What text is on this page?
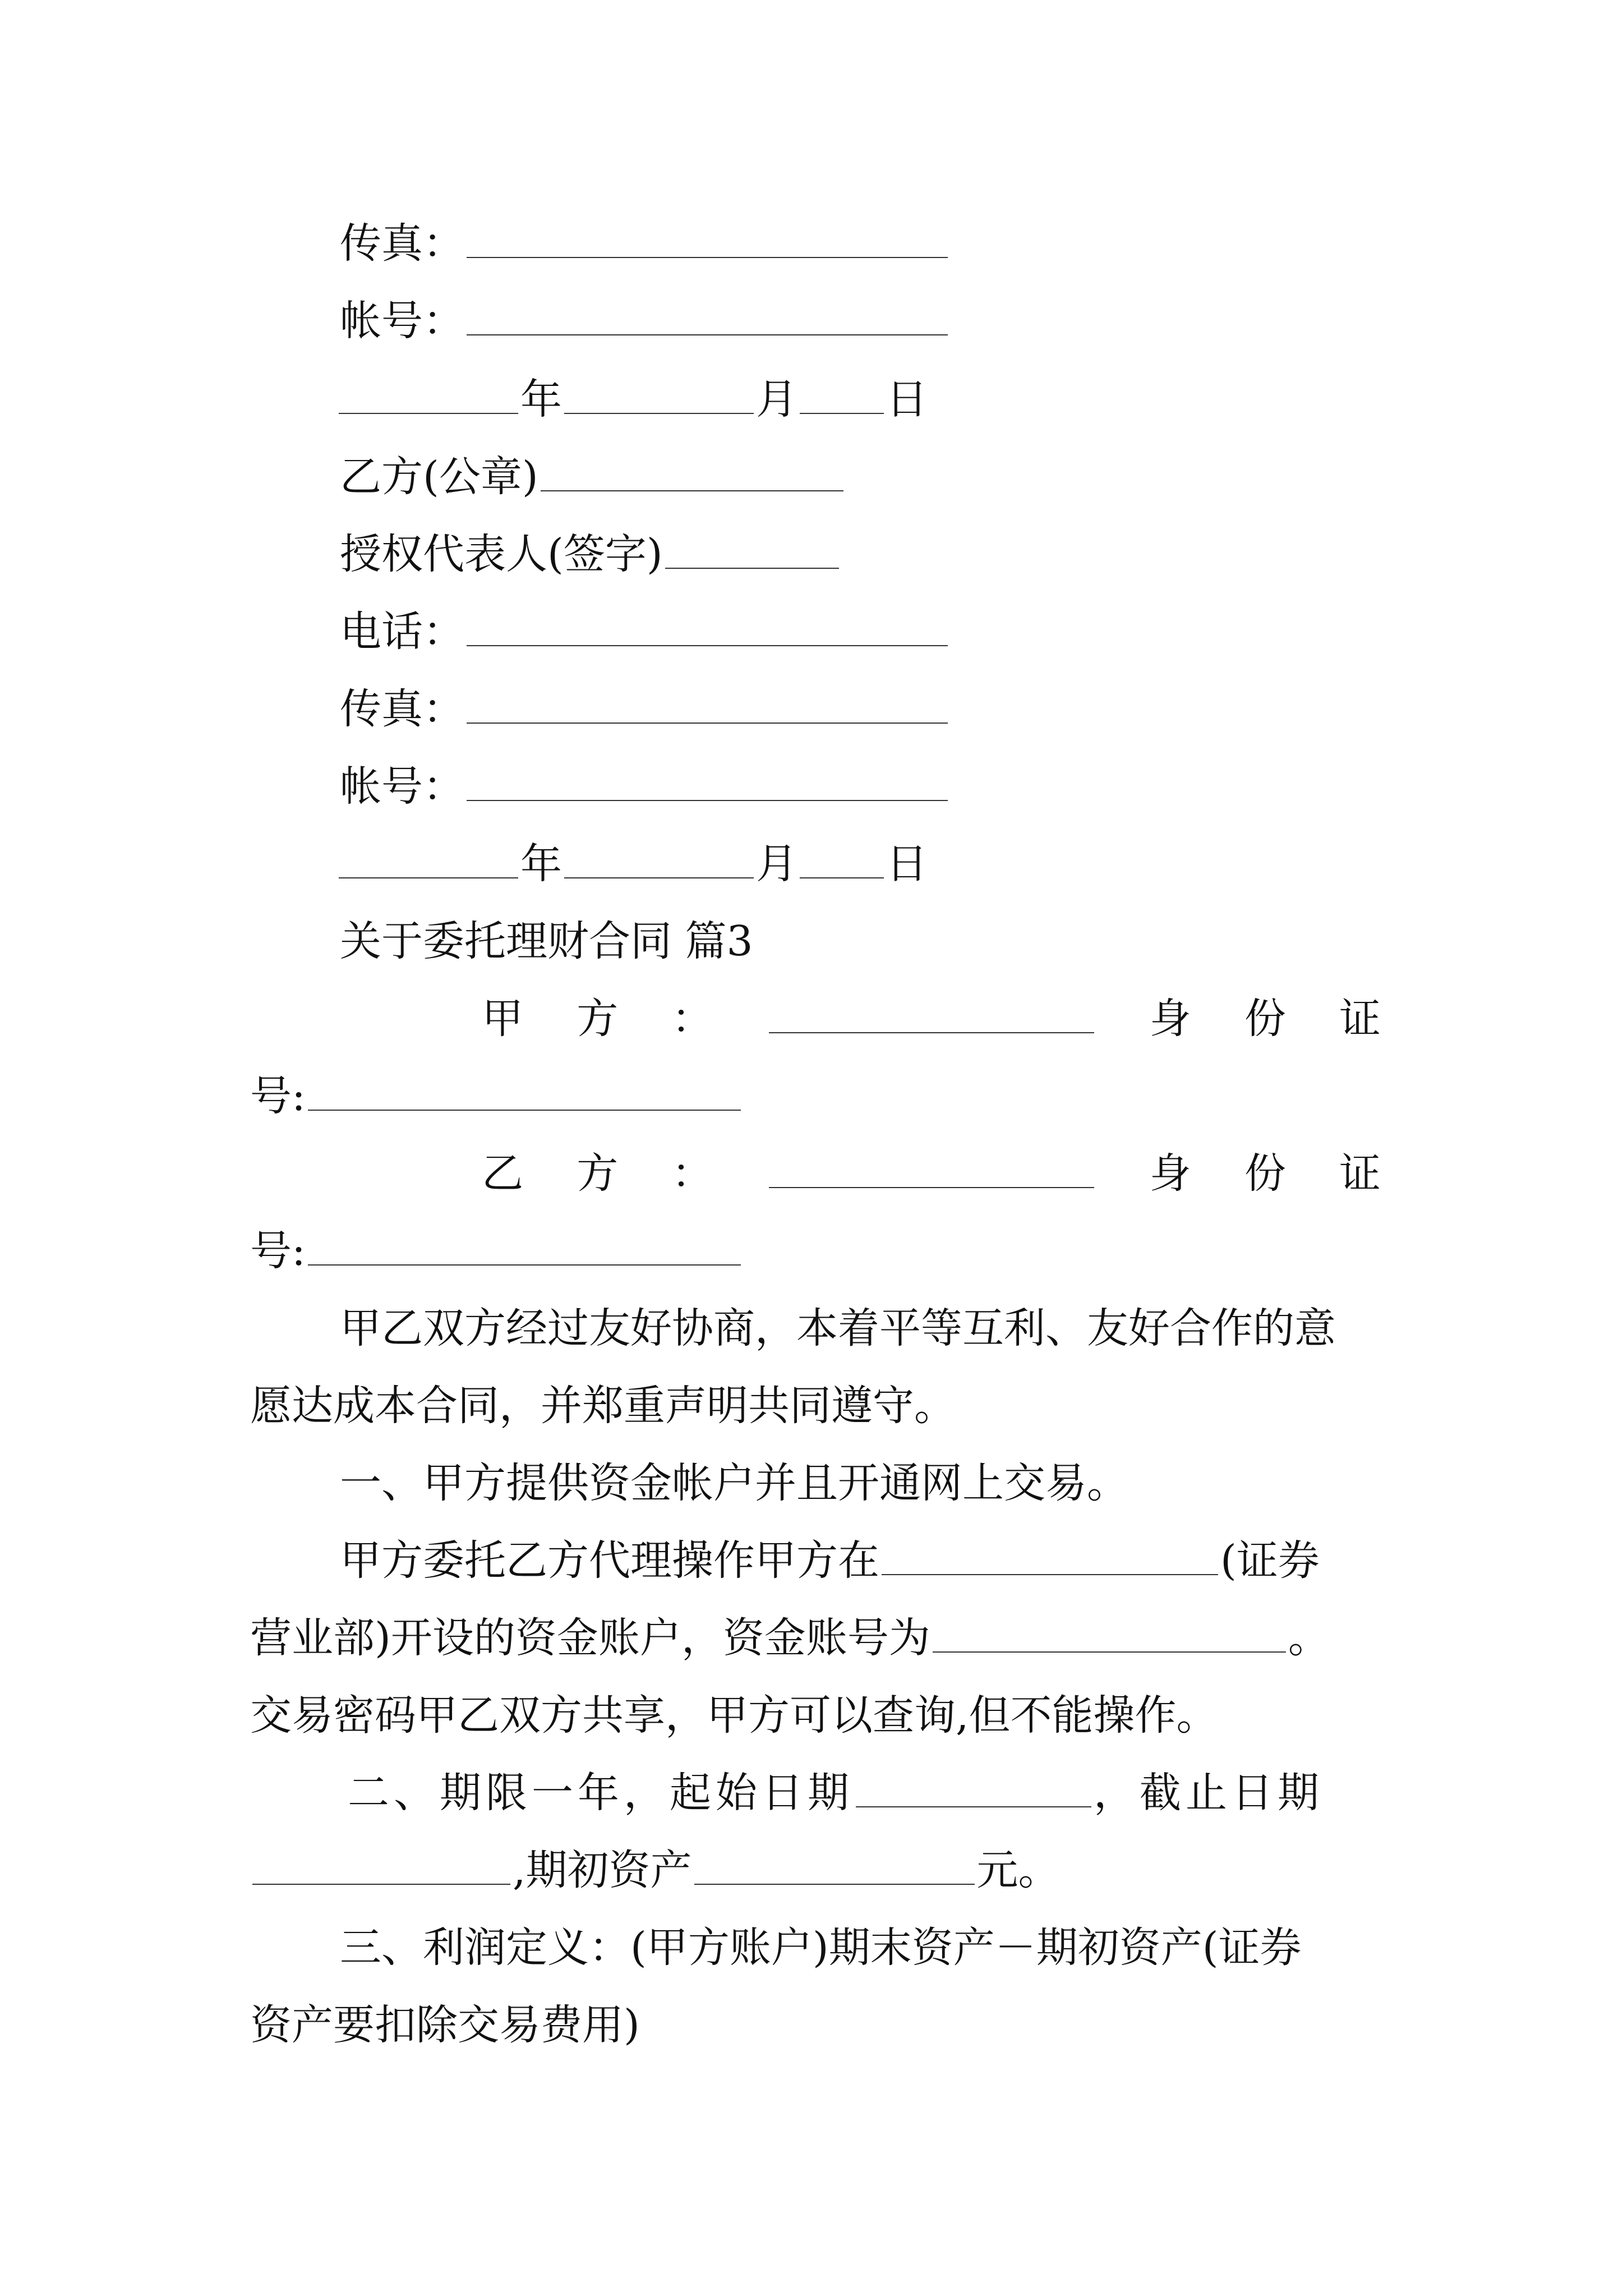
传真：

帐号：

年	月 日

乙方(公章)

授权代表人(签字)

电话：

传真：

帐号：

年	月 日

关于委托理财合同 篇3

甲 方 ：	身 份 证

号:

乙 方 ：	身 份 证

号:

甲乙双方经过友好协商，本着平等互利、友好合作的意

愿达成本合同，并郑重声明共同遵守。

一、甲方提供资金帐户并且开通网上交易。

甲方委托乙方代理操作甲方在	(证券

营业部)开设的资金账户，资金账号为	。

交易密码甲乙双方共享，甲方可以查询,但不能操作。

二、期限一年，起始日期	，截止日期

,期初资产	元。

三、利润定义：(甲方账户)期末资产－期初资产(证券

资产要扣除交易费用)
